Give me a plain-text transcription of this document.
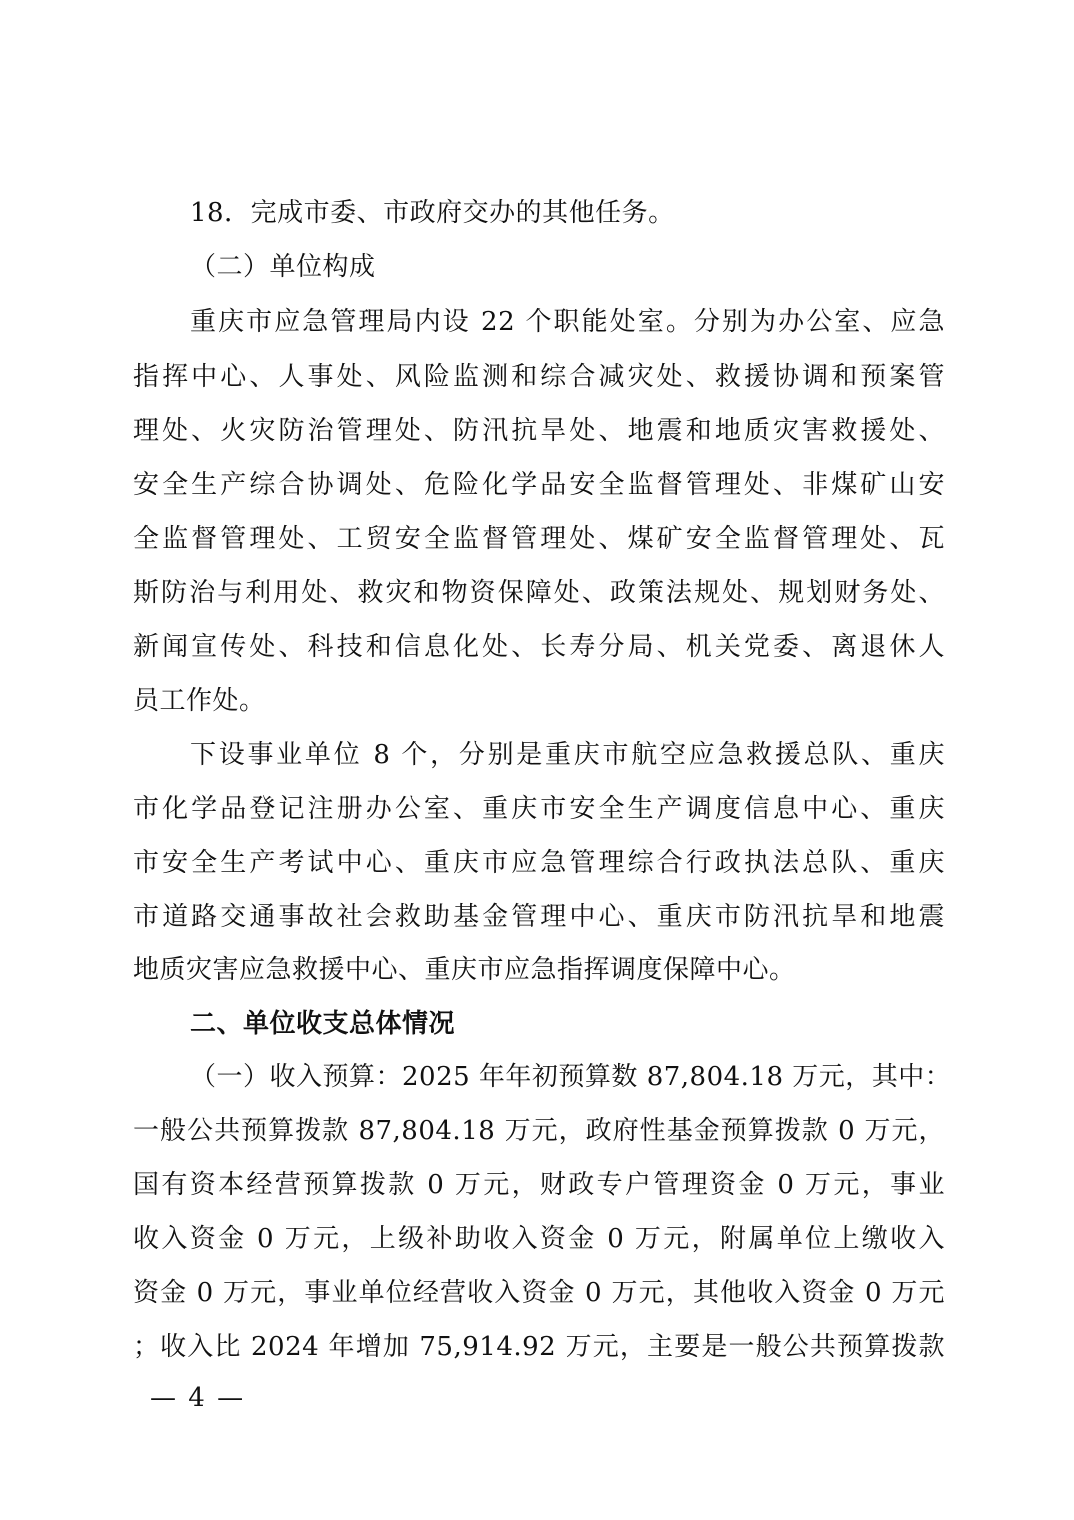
18．完成市委、市政府交办的其他任务。
（二）单位构成
重庆市应急管理局内设 22 个职能处室。分别为办公室、应急
指挥中心、人事处、风险监测和综合减灾处、救援协调和预案管
理处、火灾防治管理处、防汛抗旱处、地震和地质灾害救援处、
安全生产综合协调处、危险化学品安全监督管理处、非煤矿山安
全监督管理处、工贸安全监督管理处、煤矿安全监督管理处、瓦
斯防治与利用处、救灾和物资保障处、政策法规处、规划财务处、
新闻宣传处、科技和信息化处、长寿分局、机关党委、离退休人
员工作处。
下设事业单位 8 个，分别是重庆市航空应急救援总队、重庆
市化学品登记注册办公室、重庆市安全生产调度信息中心、重庆
市安全生产考试中心、重庆市应急管理综合行政执法总队、重庆
市道路交通事故社会救助基金管理中心、重庆市防汛抗旱和地震
地质灾害应急救援中心、重庆市应急指挥调度保障中心。
二、单位收支总体情况
（一）收入预算：2025 年年初预算数 87,804.18 万元，其中：
一般公共预算拨款 87,804.18 万元，政府性基金预算拨款 0 万元，
国有资本经营预算拨款 0 万元，财政专户管理资金 0 万元，事业
收入资金 0 万元，上级补助收入资金 0 万元，附属单位上缴收入
资金 0 万元，事业单位经营收入资金 0 万元，其他收入资金 0 万元
；收入比 2024 年增加 75,914.92 万元，主要是一般公共预算拨款
— 4 —
